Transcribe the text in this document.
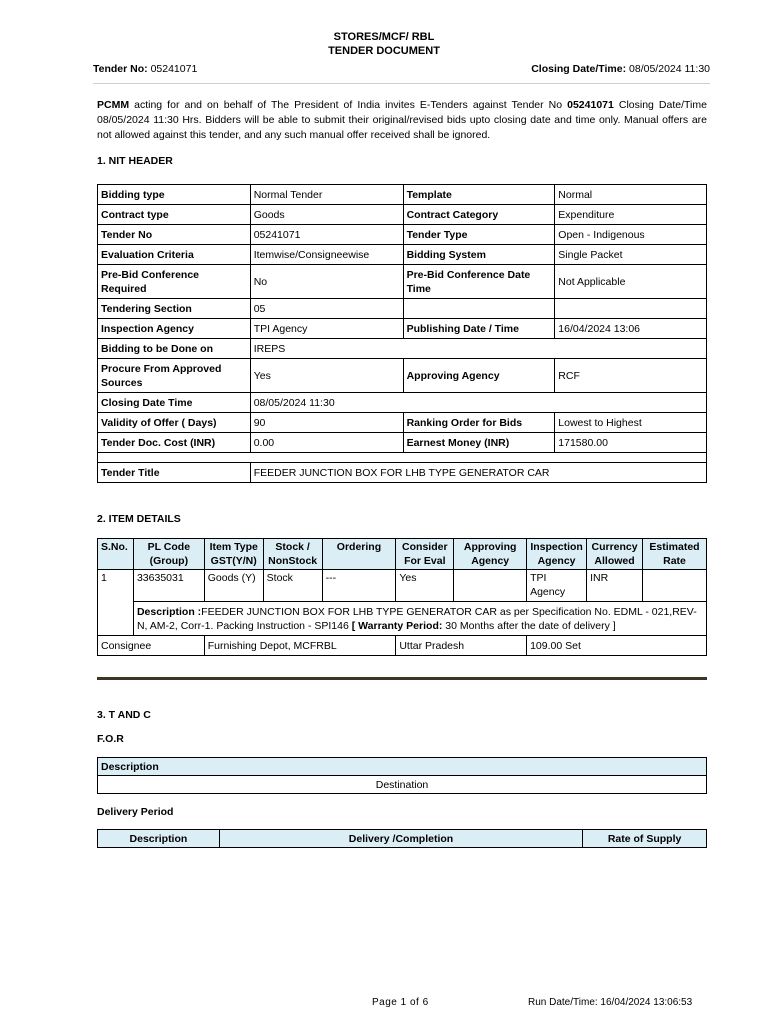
STORES/MCF/ RBL
TENDER DOCUMENT
Tender No: 05241071	Closing Date/Time: 08/05/2024 11:30
PCMM acting for and on behalf of The President of India invites E-Tenders against Tender No 05241071 Closing Date/Time 08/05/2024 11:30 Hrs. Bidders will be able to submit their original/revised bids upto closing date and time only. Manual offers are not allowed against this tender, and any such manual offer received shall be ignored.
1. NIT HEADER
Bidding type	Normal Tender	Template	Normal
Contract type	Goods	Contract Category	Expenditure
Tender No	05241071	Tender Type	Open - Indigenous
Evaluation Criteria	Itemwise/Consigneewise	Bidding System	Single Packet
Pre-Bid Conference Required	No	Pre-Bid Conference Date Time	Not Applicable
Tendering Section	05		
Inspection Agency	TPI Agency	Publishing Date / Time	16/04/2024 13:06
Bidding to be Done on	IREPS		
Procure From Approved Sources	Yes	Approving Agency	RCF
Closing Date Time	08/05/2024 11:30		
Validity of Offer ( Days)	90	Ranking Order for Bids	Lowest to Highest
Tender Doc. Cost (INR)	0.00	Earnest Money (INR)	171580.00

Tender Title	FEEDER JUNCTION BOX FOR LHB TYPE GENERATOR CAR		
2. ITEM DETAILS
S.No.	PL Code (Group)	Item Type GST(Y/N)	Stock / NonStock	Ordering	Consider For Eval	Approving Agency	Inspection Agency	Currency Allowed	Estimated Rate
1	33635031	Goods (Y)	Stock	---	Yes		TPI Agency	INR	
	Description :FEEDER JUNCTION BOX FOR LHB TYPE GENERATOR CAR as per Specification No. EDML - 021,REV-N, AM-2, Corr-1. Packing Instruction - SPI146 [ Warranty Period: 30 Months after the date of delivery ]								
Consignee		Furnishing Depot, MCFRBL			Uttar Pradesh		109.00 Set		
3. T AND C
F.O.R
Description
Destination
Delivery Period
Description	Delivery /Completion	Rate of Supply
Page 1 of 6	Run Date/Time: 16/04/2024 13:06:53
